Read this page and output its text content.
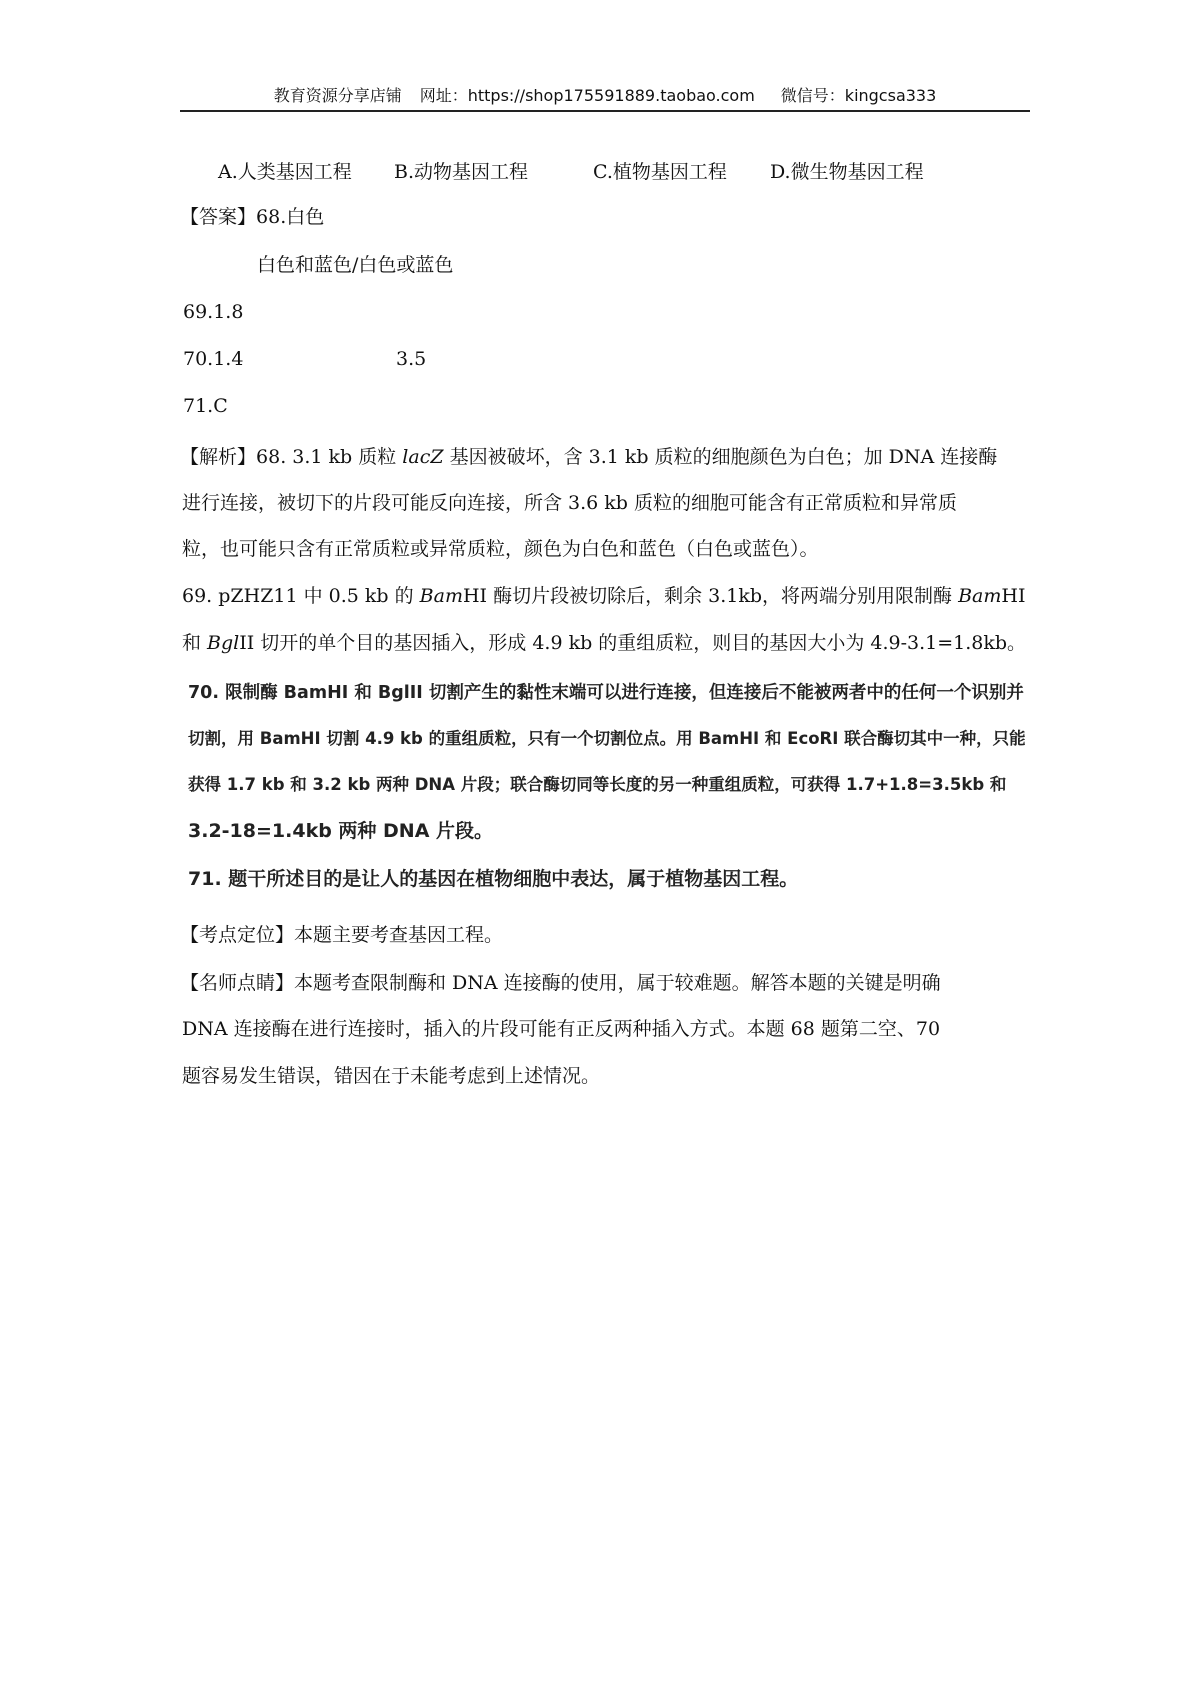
教育资源分享店铺 网址：https://shop175591889.taobao.com 微信号：kingcsa333
A.人类基因工程 B.动物基因工程	C.植物基因工程 D.微生物基因工程
【答案】68.白色
白色和蓝色/白色或蓝色
69.1.8
70.1.4	3.5
71.C
【解析】68. 3.1 kb 质粒 lacZ 基因被破坏，含 3.1 kb 质粒的细胞颜色为白色；加 DNA 连接酶
进行连接，被切下的片段可能反向连接，所含 3.6 kb 质粒的细胞可能含有正常质粒和异常质
粒，也可能只含有正常质粒或异常质粒，颜色为白色和蓝色（白色或蓝色）。
69. pZHZ11 中 0.5 kb 的 BamHI 酶切片段被切除后，剩余 3.1kb，将两端分别用限制酶 BamHI
和 BglII 切开的单个目的基因插入，形成 4.9 kb 的重组质粒，则目的基因大小为 4.9-3.1=1.8kb。
70. 限制酶 BamHI 和 BglII 切割产生的黏性末端可以进行连接，但连接后不能被两者中的任何一个识别并
切割，用 BamHI 切割 4.9 kb 的重组质粒，只有一个切割位点。用 BamHI 和 EcoRI 联合酶切其中一种，只能
获得 1.7 kb 和 3.2 kb 两种 DNA 片段；联合酶切同等长度的另一种重组质粒，可获得 1.7+1.8=3.5kb 和
3.2-18=1.4kb 两种 DNA 片段。
71. 题干所述目的是让人的基因在植物细胞中表达，属于植物基因工程。
【考点定位】本题主要考查基因工程。
【名师点睛】本题考查限制酶和 DNA 连接酶的使用，属于较难题。解答本题的关键是明确
DNA 连接酶在进行连接时，插入的片段可能有正反两种插入方式。本题 68 题第二空、70
题容易发生错误，错因在于未能考虑到上述情况。
